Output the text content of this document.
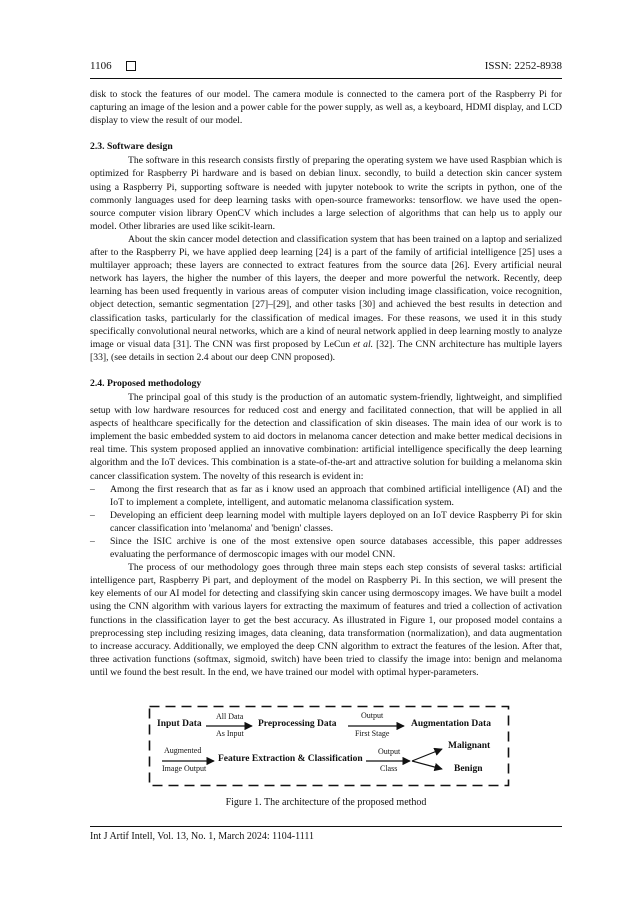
1106	ISSN: 2252-8938

disk to stock the features of our model. The camera module is connected to the camera port of the Raspberry Pi for capturing an image of the lesion and a power cable for the power supply, as well as, a keyboard, HDMI display, and LCD display to view the result of our model.

2.3. Software design

The software in this research consists firstly of preparing the operating system we have used Raspbian which is optimized for Raspberry Pi hardware and is based on debian linux. secondly, to build a detection skin cancer system using a Raspberry Pi, supporting software is needed with jupyter notebook to write the scripts in python, one of the commonly languages used for deep learning tasks with open-source frameworks: tensorflow. we have used the open-source computer vision library OpenCV which includes a large selection of algorithms that can help us to apply our model. Other libraries are used like scikit-learn.

About the skin cancer model detection and classification system that has been trained on a laptop and serialized after to the Raspberry Pi, we have applied deep learning [24] is a part of the family of artificial intelligence [25] uses a multilayer approach; these layers are connected to extract features from the source data [26]. Every artificial neural network has layers, the higher the number of this layers, the deeper and more powerful the network. Recently, deep learning has been used frequently in various areas of computer vision including image classification, voice recognition, object detection, semantic segmentation [27]–[29], and other tasks [30] and achieved the best results in detection and classification tasks, particularly for the classification of medical images. For these reasons, we used it in this study specifically convolutional neural networks, which are a kind of neural network applied in deep learning mostly to analyze image or visual data [31]. The CNN was first proposed by LeCun et al. [32]. The CNN architecture has multiple layers [33], (see details in section 2.4 about our deep CNN proposed).

2.4. Proposed methodology

The principal goal of this study is the production of an automatic system-friendly, lightweight, and simplified setup with low hardware resources for reduced cost and energy and facilitated connection, that will be applied in all aspects of healthcare specifically for the detection and classification of skin diseases. The main idea of our work is to implement the basic embedded system to aid doctors in melanoma cancer detection and make better medical decisions in real time. This system proposed applied an innovative combination: artificial intelligence specifically the deep learning algorithm and the IoT devices. This combination is a state-of-the-art and attractive solution for building a melanoma skin cancer classification system. The novelty of this research is evident in:

– Among the first research that as far as i know used an approach that combined artificial intelligence (AI) and the IoT to implement a complete, intelligent, and automatic melanoma classification system.
– Developing an efficient deep learning model with multiple layers deployed on an IoT device Raspberry Pi for skin cancer classification into 'melanoma' and 'benign' classes.
– Since the ISIC archive is one of the most extensive open source databases accessible, this paper addresses evaluating the performance of dermoscopic images with our model CNN.

The process of our methodology goes through three main steps each step consists of several tasks: artificial intelligence part, Raspberry Pi part, and deployment of the model on Raspberry Pi. In this section, we will present the key elements of our AI model for detecting and classifying skin cancer using dermoscopy images. We have built a model using the CNN algorithm with various layers for extracting the maximum of features and tried a collection of activation functions in the classification layer to get the best accuracy. As illustrated in Figure 1, our proposed model contains a preprocessing step including resizing images, data cleaning, data transformation (normalization), and data augmentation to increase accuracy. Additionally, we employed the deep CNN algorithm to extract the features of the lesion. After that, three activation functions (softmax, sigmoid, switch) have been tried to classify the image into: benign and melanoma until we found the best result. In the end, we have trained our model with optimal hyper-parameters.

Input Data
All Data
As Input
Preprocessing Data
Output
First Stage
Augmentation Data
Augmented
Image Output
Feature Extraction & Classification
Output
Class
Malignant
Benign
Figure 1. The architecture of the proposed method
Int J Artif Intell, Vol. 13, No. 1, March 2024: 1104-1111
